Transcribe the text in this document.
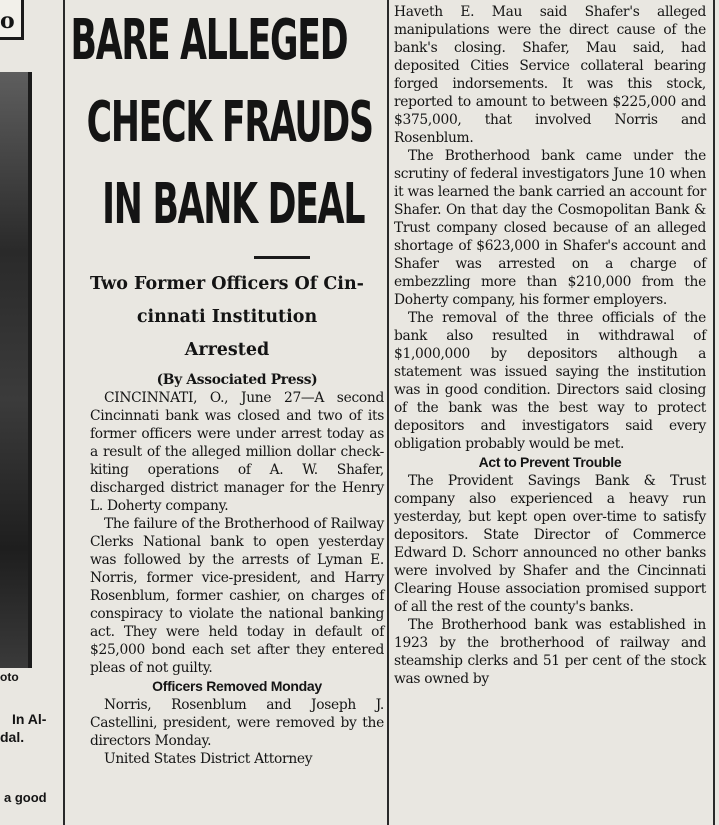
o
oto
In Al-
dal.
a good
BARE ALLEGED
CHECK FRAUDS
IN BANK DEAL
Two Former Officers Of Cin-
cinnati Institution
Arrested
(By Associated Press)
CINCINNATI, O., June 27—A second Cincinnati bank was closed and two of its former officers were under arrest today as a result of the alleged million dollar check-kiting operations of A. W. Shafer, discharged district manager for the Henry L. Doherty company.
The failure of the Brotherhood of Railway Clerks National bank to open yesterday was followed by the arrests of Lyman E. Norris, former vice-president, and Harry Rosenblum, former cashier, on charges of conspiracy to violate the national banking act. They were held today in default of $25,000 bond each set after they entered pleas of not guilty.
Officers Removed Monday
Norris, Rosenblum and Joseph J. Castellini, president, were removed by the directors Monday.
United States District Attorney
Haveth E. Mau said Shafer's alleged manipulations were the direct cause of the bank's closing. Shafer, Mau said, had deposited Cities Service collateral bearing forged indorsements. It was this stock, reported to amount to between $225,000 and $375,000, that involved Norris and Rosenblum.
The Brotherhood bank came under the scrutiny of federal investigators June 10 when it was learned the bank carried an account for Shafer. On that day the Cosmopolitan Bank & Trust company closed because of an alleged shortage of $623,000 in Shafer's account and Shafer was arrested on a charge of embezzling more than $210,000 from the Doherty company, his former employers.
The removal of the three officials of the bank also resulted in withdrawal of $1,000,000 by depositors although a statement was issued saying the institution was in good condition. Directors said closing of the bank was the best way to protect depositors and investigators said every obligation probably would be met.
Act to Prevent Trouble
The Provident Savings Bank & Trust company also experienced a heavy run yesterday, but kept open over-time to satisfy depositors. State Director of Commerce Edward D. Schorr announced no other banks were involved by Shafer and the Cincinnati Clearing House association promised support of all the rest of the county's banks.
The Brotherhood bank was established in 1923 by the brotherhood of railway and steamship clerks and 51 per cent of the stock was owned by
